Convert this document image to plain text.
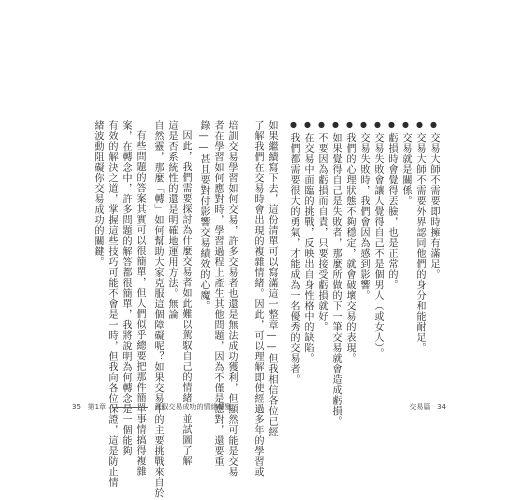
●交易大師不需要即時擁有滿足。
●交易大師不需要外界認同他們的身分和能耐足。
●交易就是關係。
●虧損時會覺得丟臉，也是正常的。
●交易失敗會讓人覺得自己不是個男人（或女人）。
●交易失敗時，我們會因為感到影響。
●我們的心理狀態不夠穩定，就會破壞交易的表現。
●如果覺得自己是失敗者，那麼所做的下一筆交易就會造成虧損。
●不要因為虧損而自責，只要接受虧損就好。
●在交易中面臨的挑戰，反映出自身性格中的缺陷。
●我們都需要很大的勇氣，才能成為一名優秀的交易者。
如果繼續寫下去，這份清單可以寫滿這一整章——但我相信各位已經
了解我們在交易時會出現的複雜情緒。因此，可以理解即使經過多年的學習或
培訓交易學習如何交易，許多交易者也還是無法成功獲利，但顯然可能是交易
者在學習如何應對時，學習過程上產生其他問題，因為不僅是應對，還要重
錄——甚且要對付影響交易績效的心魔。
因此，我們需要探討為什麼交易者如此難以駕馭自己的情緒，並試圖了解
這是否系統性的還是明確地運用方法。無論
自然靈，那麼「轉」如何幫助大家克服這個障礙呢？如果交易中的主要挑戰來自於
有些問題的答案其實可以很簡單，但人們似乎總要把那件簡單事情搞得複雜
案，在轉念中，許多問題的解答都很簡單，我將說明為何轉念是一個能夠
有效的解決之道，掌握這些技巧可能不會是一時，但我向各位保證，這是防止情
緒波動阻礙你交易成功的關鍵。
35 第1章	駕馭交易成功的情緒轉變	交易篇 34
